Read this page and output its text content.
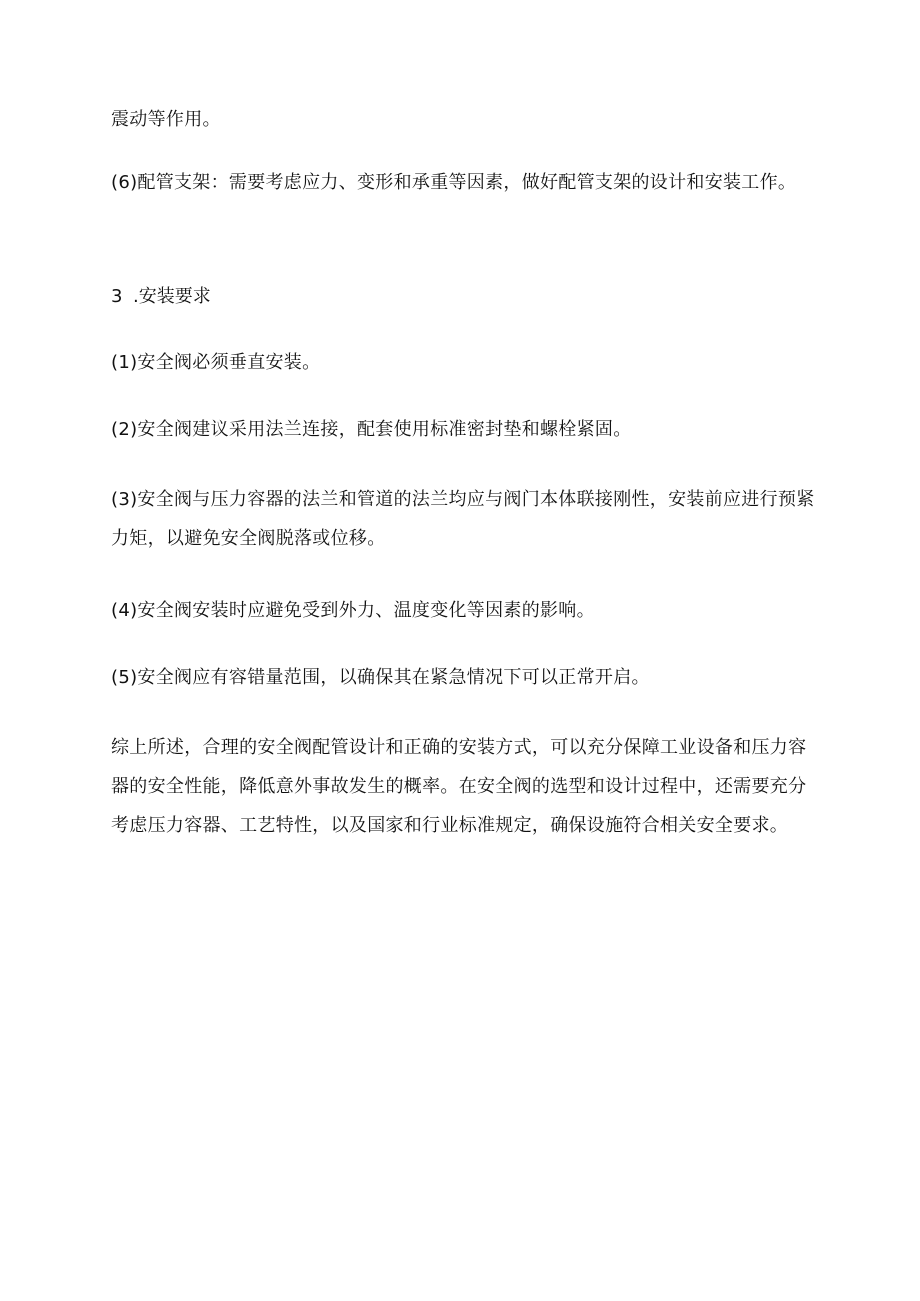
震动等作用。

(6)配管支架：需要考虑应力、变形和承重等因素，做好配管支架的设计和安装工作。

3 .安装要求

(1)安全阀必须垂直安装。

(2)安全阀建议采用法兰连接，配套使用标准密封垫和螺栓紧固。

(3)安全阀与压力容器的法兰和管道的法兰均应与阀门本体联接刚性，安装前应进行预紧力矩，以避免安全阀脱落或位移。

(4)安全阀安装时应避免受到外力、温度变化等因素的影响。

(5)安全阀应有容错量范围，以确保其在紧急情况下可以正常开启。

综上所述，合理的安全阀配管设计和正确的安装方式，可以充分保障工业设备和压力容器的安全性能，降低意外事故发生的概率。在安全阀的选型和设计过程中，还需要充分考虑压力容器、工艺特性，以及国家和行业标准规定，确保设施符合相关安全要求。
